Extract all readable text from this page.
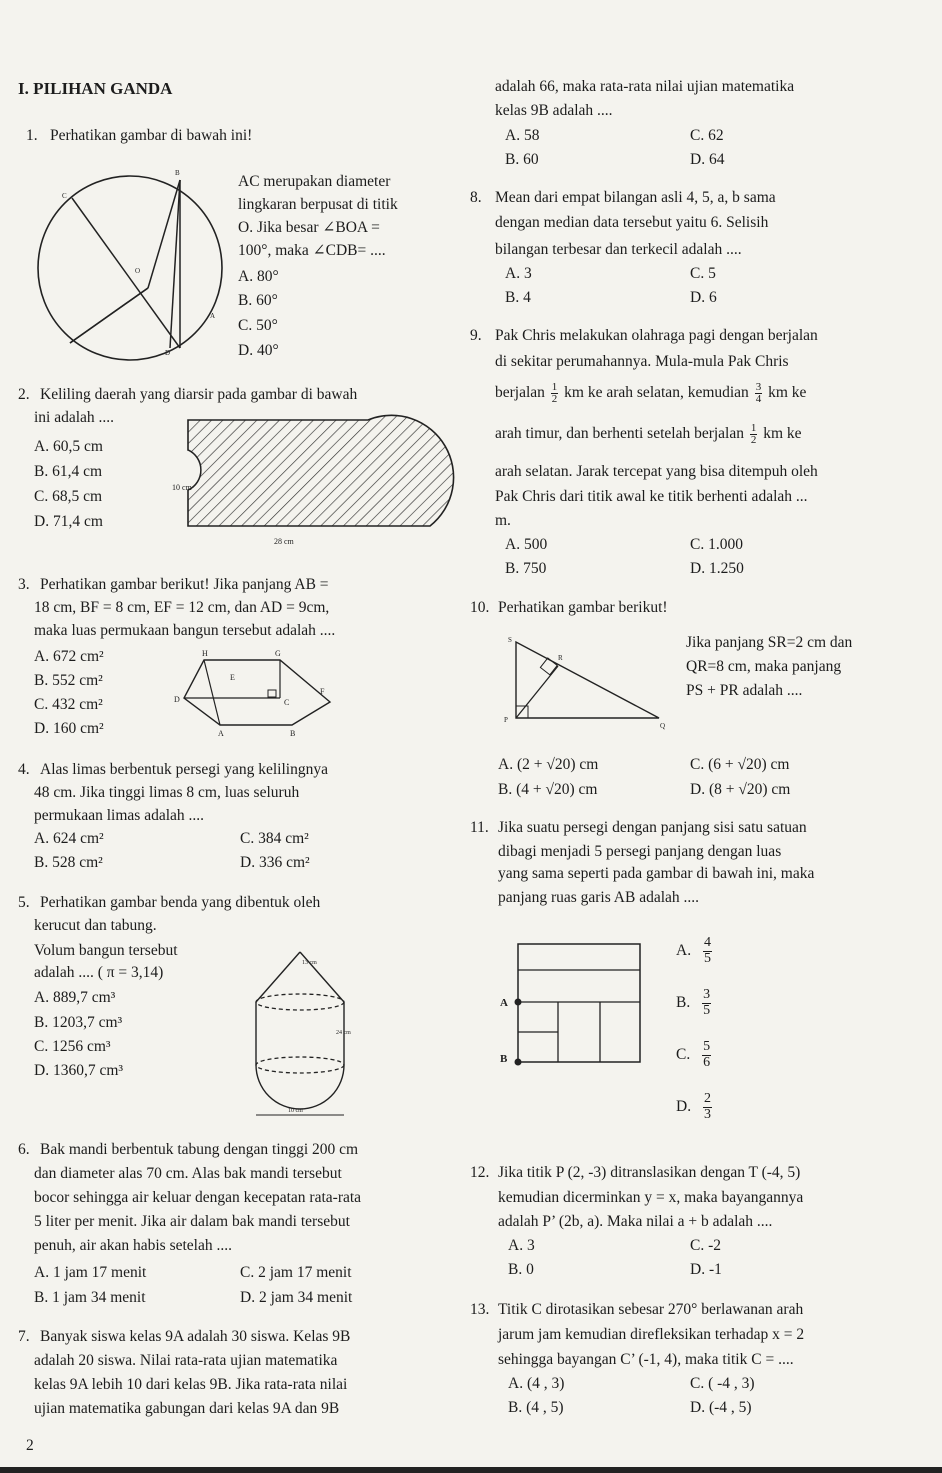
I. PILIHAN GANDA
1. Perhatikan gambar di bawah ini!
B
C
O
A
D
AC merupakan diameter
lingkaran berpusat di titik
O. Jika besar ∠BOA =
100°, maka ∠CDB= ....
A. 80°
B. 60°
C. 50°
D. 40°
2. Keliling daerah yang diarsir pada gambar di bawah
ini adalah ....
A. 60,5 cm
B. 61,4 cm
C. 68,5 cm
D. 71,4 cm
10 cm
28 cm
3. Perhatikan gambar berikut! Jika panjang AB =
18 cm, BF = 8 cm, EF = 12 cm, dan AD = 9cm,
maka luas permukaan bangun tersebut adalah ....
A. 672 cm²
B. 552 cm²
C. 432 cm²
D. 160 cm²
H	G
E
F
D	C
A	B
4. Alas limas berbentuk persegi yang kelilingnya
48 cm. Jika tinggi limas 8 cm, luas seluruh
permukaan limas adalah ....
A. 624 cm²
B. 528 cm²
C. 384 cm²
D. 336 cm²
5. Perhatikan gambar benda yang dibentuk oleh
kerucut dan tabung.
Volum bangun tersebut
adalah .... ( π = 3,14)
A. 889,7 cm³
B. 1203,7 cm³
C. 1256 cm³
D. 1360,7 cm³
13 cm
24 cm
10 cm
6. Bak mandi berbentuk tabung dengan tinggi 200 cm
dan diameter alas 70 cm. Alas bak mandi tersebut
bocor sehingga air keluar dengan kecepatan rata-rata
5 liter per menit. Jika air dalam bak mandi tersebut
penuh, air akan habis setelah ....
A. 1 jam 17 menit
B. 1 jam 34 menit
C. 2 jam 17 menit
D. 2 jam 34 menit
7. Banyak siswa kelas 9A adalah 30 siswa. Kelas 9B
adalah 20 siswa. Nilai rata-rata ujian matematika
kelas 9A lebih 10 dari kelas 9B. Jika rata-rata nilai
ujian matematika gabungan dari kelas 9A dan 9B
adalah 66, maka rata-rata nilai ujian matematika
kelas 9B adalah ....
A. 58
B. 60
C. 62
D. 64
2
8. Mean dari empat bilangan asli 4, 5, a, b sama
dengan median data tersebut yaitu 6. Selisih
bilangan terbesar dan terkecil adalah ....
A. 3
B. 4
C. 5
D. 6
9. Pak Chris melakukan olahraga pagi dengan berjalan
di sekitar perumahannya. Mula-mula Pak Chris
berjalan $\frac{1}{2}$ km ke arah selatan, kemudian $\frac{3}{4}$ km ke
arah timur, dan berhenti setelah berjalan $\frac{1}{2}$ km ke
arah selatan. Jarak tercepat yang bisa ditempuh oleh
Pak Chris dari titik awal ke titik berhenti adalah ...
m.
A. 500
B. 750
C. 1.000
D. 1.250
10. Perhatikan gambar berikut!
S
R
P
Q
Jika panjang SR=2 cm dan
QR=8 cm, maka panjang
PS + PR adalah ....
A. (2 + √20) cm
B. (4 + √20) cm
C. (6 + √20) cm
D. (8 + √20) cm
11. Jika suatu persegi dengan panjang sisi satu satuan
dibagi menjadi 5 persegi panjang dengan luas
yang sama seperti pada gambar di bawah ini, maka
panjang ruas garis AB adalah ....
A
B
A. $\frac{4}{5}$
B. $\frac{3}{5}$
C. $\frac{5}{6}$
D. $\frac{2}{3}$
12. Jika titik P (2, -3) ditranslasikan dengan T (-4, 5)
kemudian dicerminkan y = x, maka bayangannya
adalah P’ (2b, a). Maka nilai a + b adalah ....
A. 3
B. 0
C. -2
D. -1
13. Titik C dirotasikan sebesar 270° berlawanan arah
jarum jam kemudian direfleksikan terhadap x = 2
sehingga bayangan C’ (-1, 4), maka titik C = ....
A. (4 , 3)
B. (4 , 5)
C. ( -4 , 3)
D. (-4 , 5)
